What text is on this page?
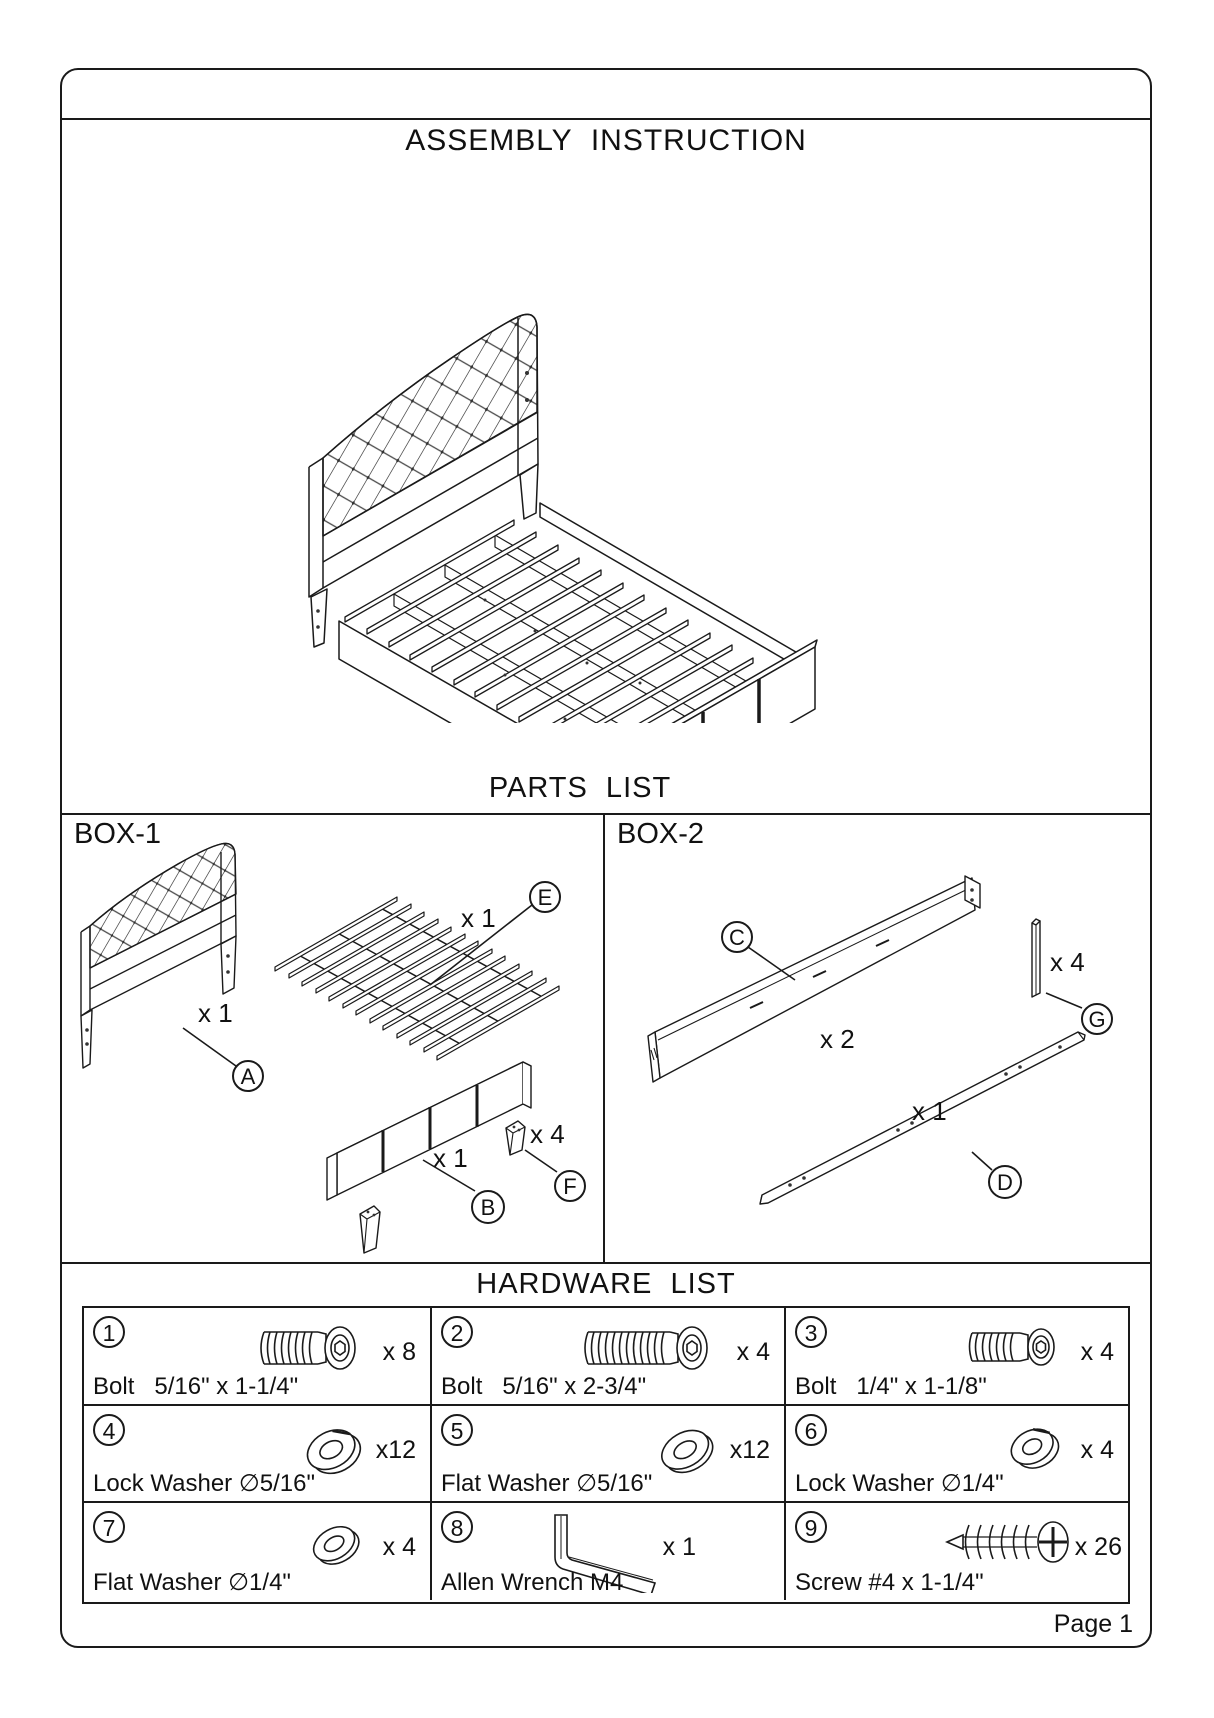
ASSEMBLY  INSTRUCTION
PARTS  LIST
BOX-1	BOX-2
A
x 1
E
x 1
B
x 1
F
x 4
C
x 2
G
x 4
D
x 1
HARDWARE  LIST
1
x 8
Bolt   5/16" x 1-1/4"
2
x 4
Bolt   5/16" x 2-3/4"
3
x 4
Bolt   1/4" x 1-1/8"
4
x12
Lock Washer ∅5/16"
5
x12
Flat Washer ∅5/16"
6
x 4
Lock Washer ∅1/4"
7
x 4
Flat Washer ∅1/4"
8
x 1
Allen Wrench M4
9
x 26
Screw #4 x 1-1/4"
Page 1
